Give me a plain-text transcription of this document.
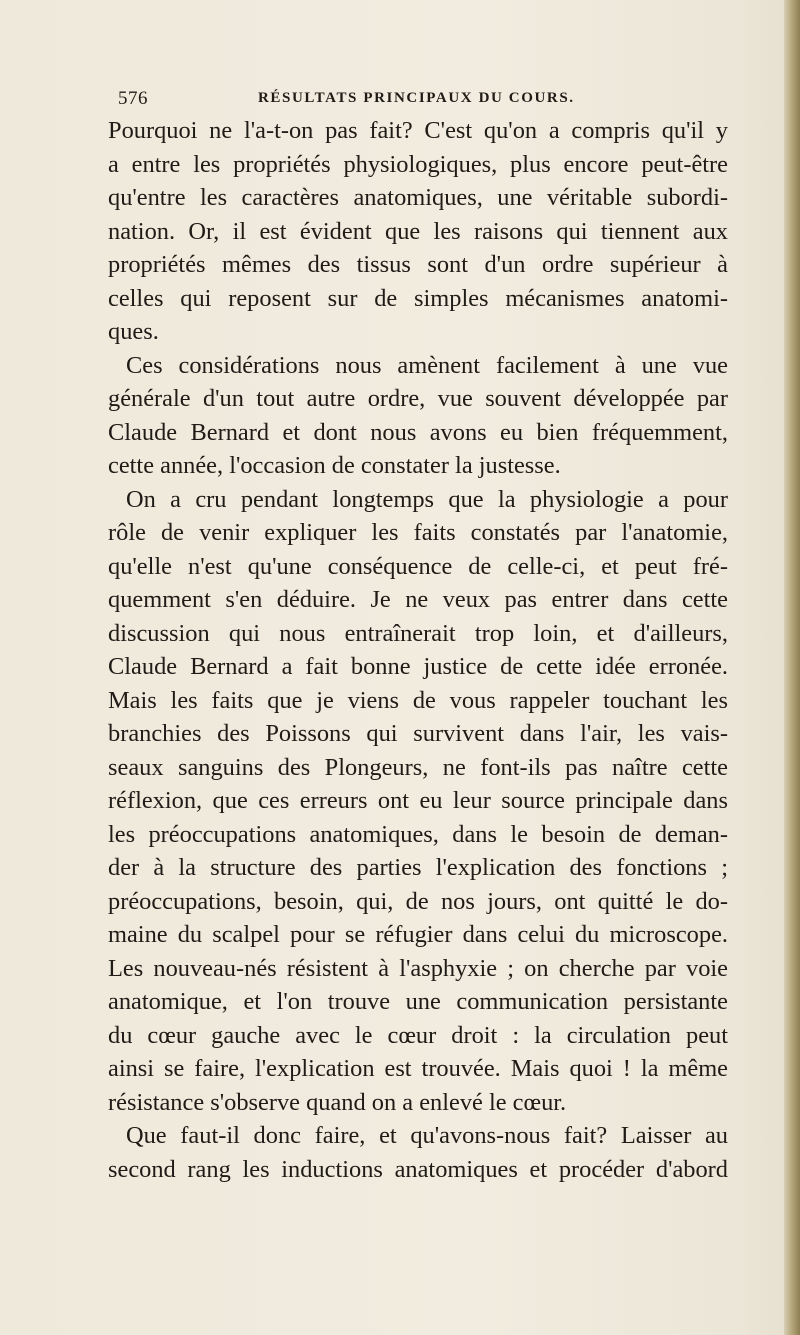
576	RÉSULTATS PRINCIPAUX DU COURS.
Pourquoi ne l'a-t-on pas fait? C'est qu'on a compris qu'il y
a entre les propriétés physiologiques, plus encore peut-être
qu'entre les caractères anatomiques, une véritable subordi-
nation. Or, il est évident que les raisons qui tiennent aux
propriétés mêmes des tissus sont d'un ordre supérieur à
celles qui reposent sur de simples mécanismes anatomi-
ques.
Ces considérations nous amènent facilement à une vue
générale d'un tout autre ordre, vue souvent développée par
Claude Bernard et dont nous avons eu bien fréquemment,
cette année, l'occasion de constater la justesse.
On a cru pendant longtemps que la physiologie a pour
rôle de venir expliquer les faits constatés par l'anatomie,
qu'elle n'est qu'une conséquence de celle-ci, et peut fré-
quemment s'en déduire. Je ne veux pas entrer dans cette
discussion qui nous entraînerait trop loin, et d'ailleurs,
Claude Bernard a fait bonne justice de cette idée erronée.
Mais les faits que je viens de vous rappeler touchant les
branchies des Poissons qui survivent dans l'air, les vais-
seaux sanguins des Plongeurs, ne font-ils pas naître cette
réflexion, que ces erreurs ont eu leur source principale dans
les préoccupations anatomiques, dans le besoin de deman-
der à la structure des parties l'explication des fonctions ;
préoccupations, besoin, qui, de nos jours, ont quitté le do-
maine du scalpel pour se réfugier dans celui du microscope.
Les nouveau-nés résistent à l'asphyxie ; on cherche par voie
anatomique, et l'on trouve une communication persistante
du cœur gauche avec le cœur droit : la circulation peut
ainsi se faire, l'explication est trouvée. Mais quoi ! la même
résistance s'observe quand on a enlevé le cœur.
Que faut-il donc faire, et qu'avons-nous fait? Laisser au
second rang les inductions anatomiques et procéder d'abord
